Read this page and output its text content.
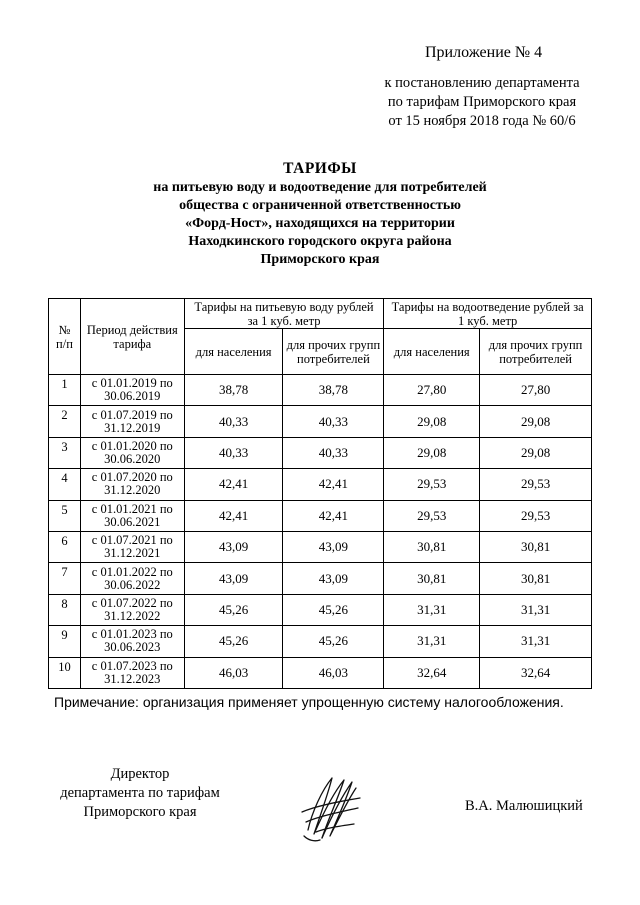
Приложение № 4
к постановлению департамента
по тарифам Приморского края
от 15 ноября 2018 года № 60/6
ТАРИФЫ
на питьевую воду и водоотведение для потребителей
общества с ограниченной ответственностью
«Форд-Ност», находящихся на территории
Находкинского городского округа района
Приморского края
№ п/п	Период действия тарифа	Тарифы на питьевую воду рублей за 1 куб. метр		Тарифы на водоотведение рублей за 1 куб. метр	
		для населения	для прочих групп потребителей	для населения	для прочих групп потребителей
1	с 01.01.2019 по 30.06.2019	38,78	38,78	27,80	27,80
2	с 01.07.2019 по 31.12.2019	40,33	40,33	29,08	29,08
3	с 01.01.2020 по 30.06.2020	40,33	40,33	29,08	29,08
4	с 01.07.2020 по 31.12.2020	42,41	42,41	29,53	29,53
5	с 01.01.2021 по 30.06.2021	42,41	42,41	29,53	29,53
6	с 01.07.2021 по 31.12.2021	43,09	43,09	30,81	30,81
7	с 01.01.2022 по 30.06.2022	43,09	43,09	30,81	30,81
8	с 01.07.2022 по 31.12.2022	45,26	45,26	31,31	31,31
9	с 01.01.2023 по 30.06.2023	45,26	45,26	31,31	31,31
10	с 01.07.2023 по 31.12.2023	46,03	46,03	32,64	32,64
Примечание: организация применяет упрощенную систему налогообложения.
Директор
департамента по тарифам
Приморского края	В.А. Малюшицкий
